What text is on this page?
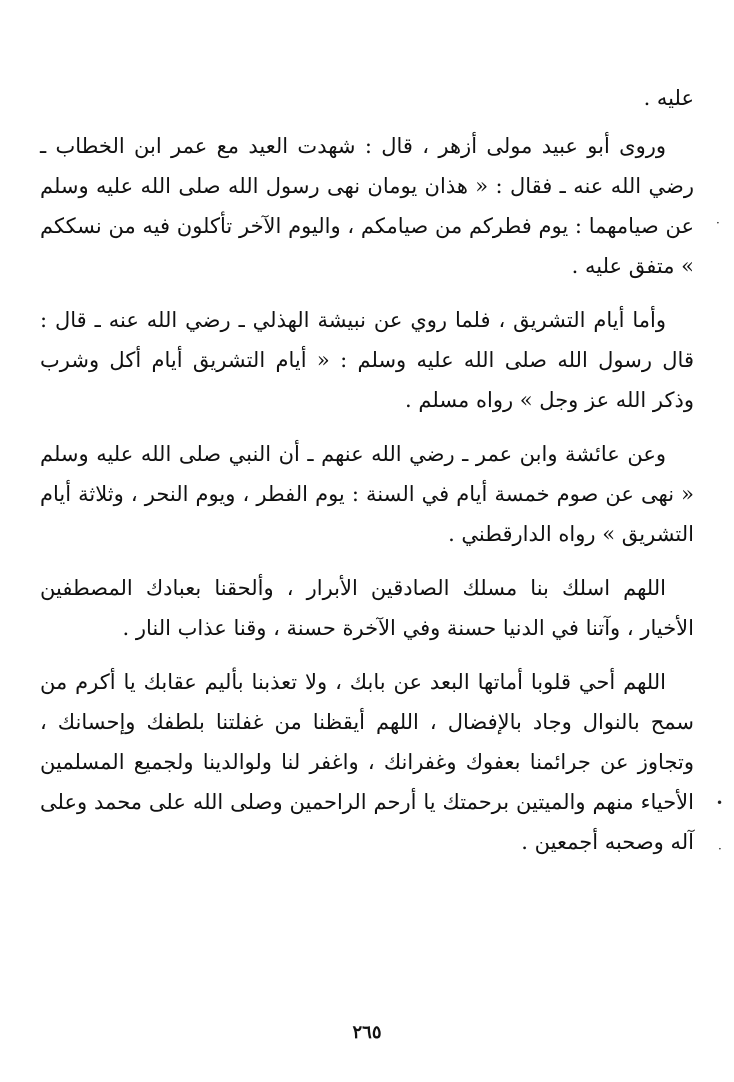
عليه .

وروى أبو عبيد مولى أزهر ، قال : شهدت العيد مع عمر ابن الخطاب ـ رضي الله عنه ـ فقال : « هذان يومان نهى رسول الله صلى الله عليه وسلم عن صيامهما : يوم فطركم من صيامكم ، واليوم الآخر تأكلون فيه من نسككم » متفق عليه .

وأما أيام التشريق ، فلما روي عن نبيشة الهذلي ـ رضي الله عنه ـ قال : قال رسول الله صلى الله عليه وسلم : « أيام التشريق أيام أكل وشرب وذكر الله عز وجل » رواه مسلم .

وعن عائشة وابن عمر ـ رضي الله عنهم ـ أن النبي صلى الله عليه وسلم « نهى عن صوم خمسة أيام في السنة : يوم الفطر ، ويوم النحر ، وثلاثة أيام التشريق » رواه الدارقطني .

اللهم اسلك بنا مسلك الصادقين الأبرار ، وألحقنا بعبادك المصطفين الأخيار ، وآتنا في الدنيا حسنة وفي الآخرة حسنة ، وقنا عذاب النار .

اللهم أحي قلوبا أماتها البعد عن بابك ، ولا تعذبنا بأليم عقابك يا أكرم من سمح بالنوال وجاد بالإفضال ، اللهم أيقظنا من غفلتنا بلطفك وإحسانك ، وتجاوز عن جرائمنا بعفوك وغفرانك ، واغفر لنا ولوالدينا ولجميع المسلمين الأحياء منهم والميتين برحمتك يا أرحم الراحمين وصلى الله على محمد وعلى آله وصحبه أجمعين .

·
•
·
٢٦٥
